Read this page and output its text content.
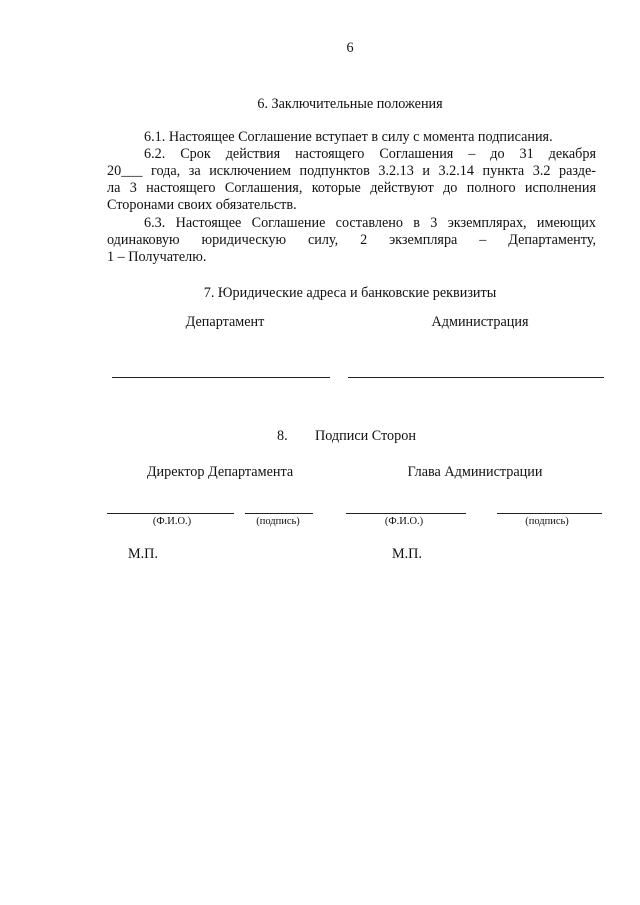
6
6. Заключительные положения
6.1. Настоящее Соглашение вступает в силу с момента подписания.
6.2. Срок действия настоящего Соглашения – до 31 декабря
20___ года, за исключением подпунктов 3.2.13 и 3.2.14 пункта 3.2 разде-
ла 3 настоящего Соглашения, которые действуют до полного исполнения
Сторонами своих обязательств.
6.3. Настоящее Соглашение составлено в 3 экземплярах, имеющих
одинаковую юридическую силу, 2 экземпляра – Департаменту,
1 – Получателю.
7. Юридические адреса и банковские реквизиты
Департамент	Администрация
8. Подписи Сторон
Директор Департамента	Глава Администрации
(Ф.И.О.)	(подпись)	(Ф.И.О.)	(подпись)
М.П.	М.П.
